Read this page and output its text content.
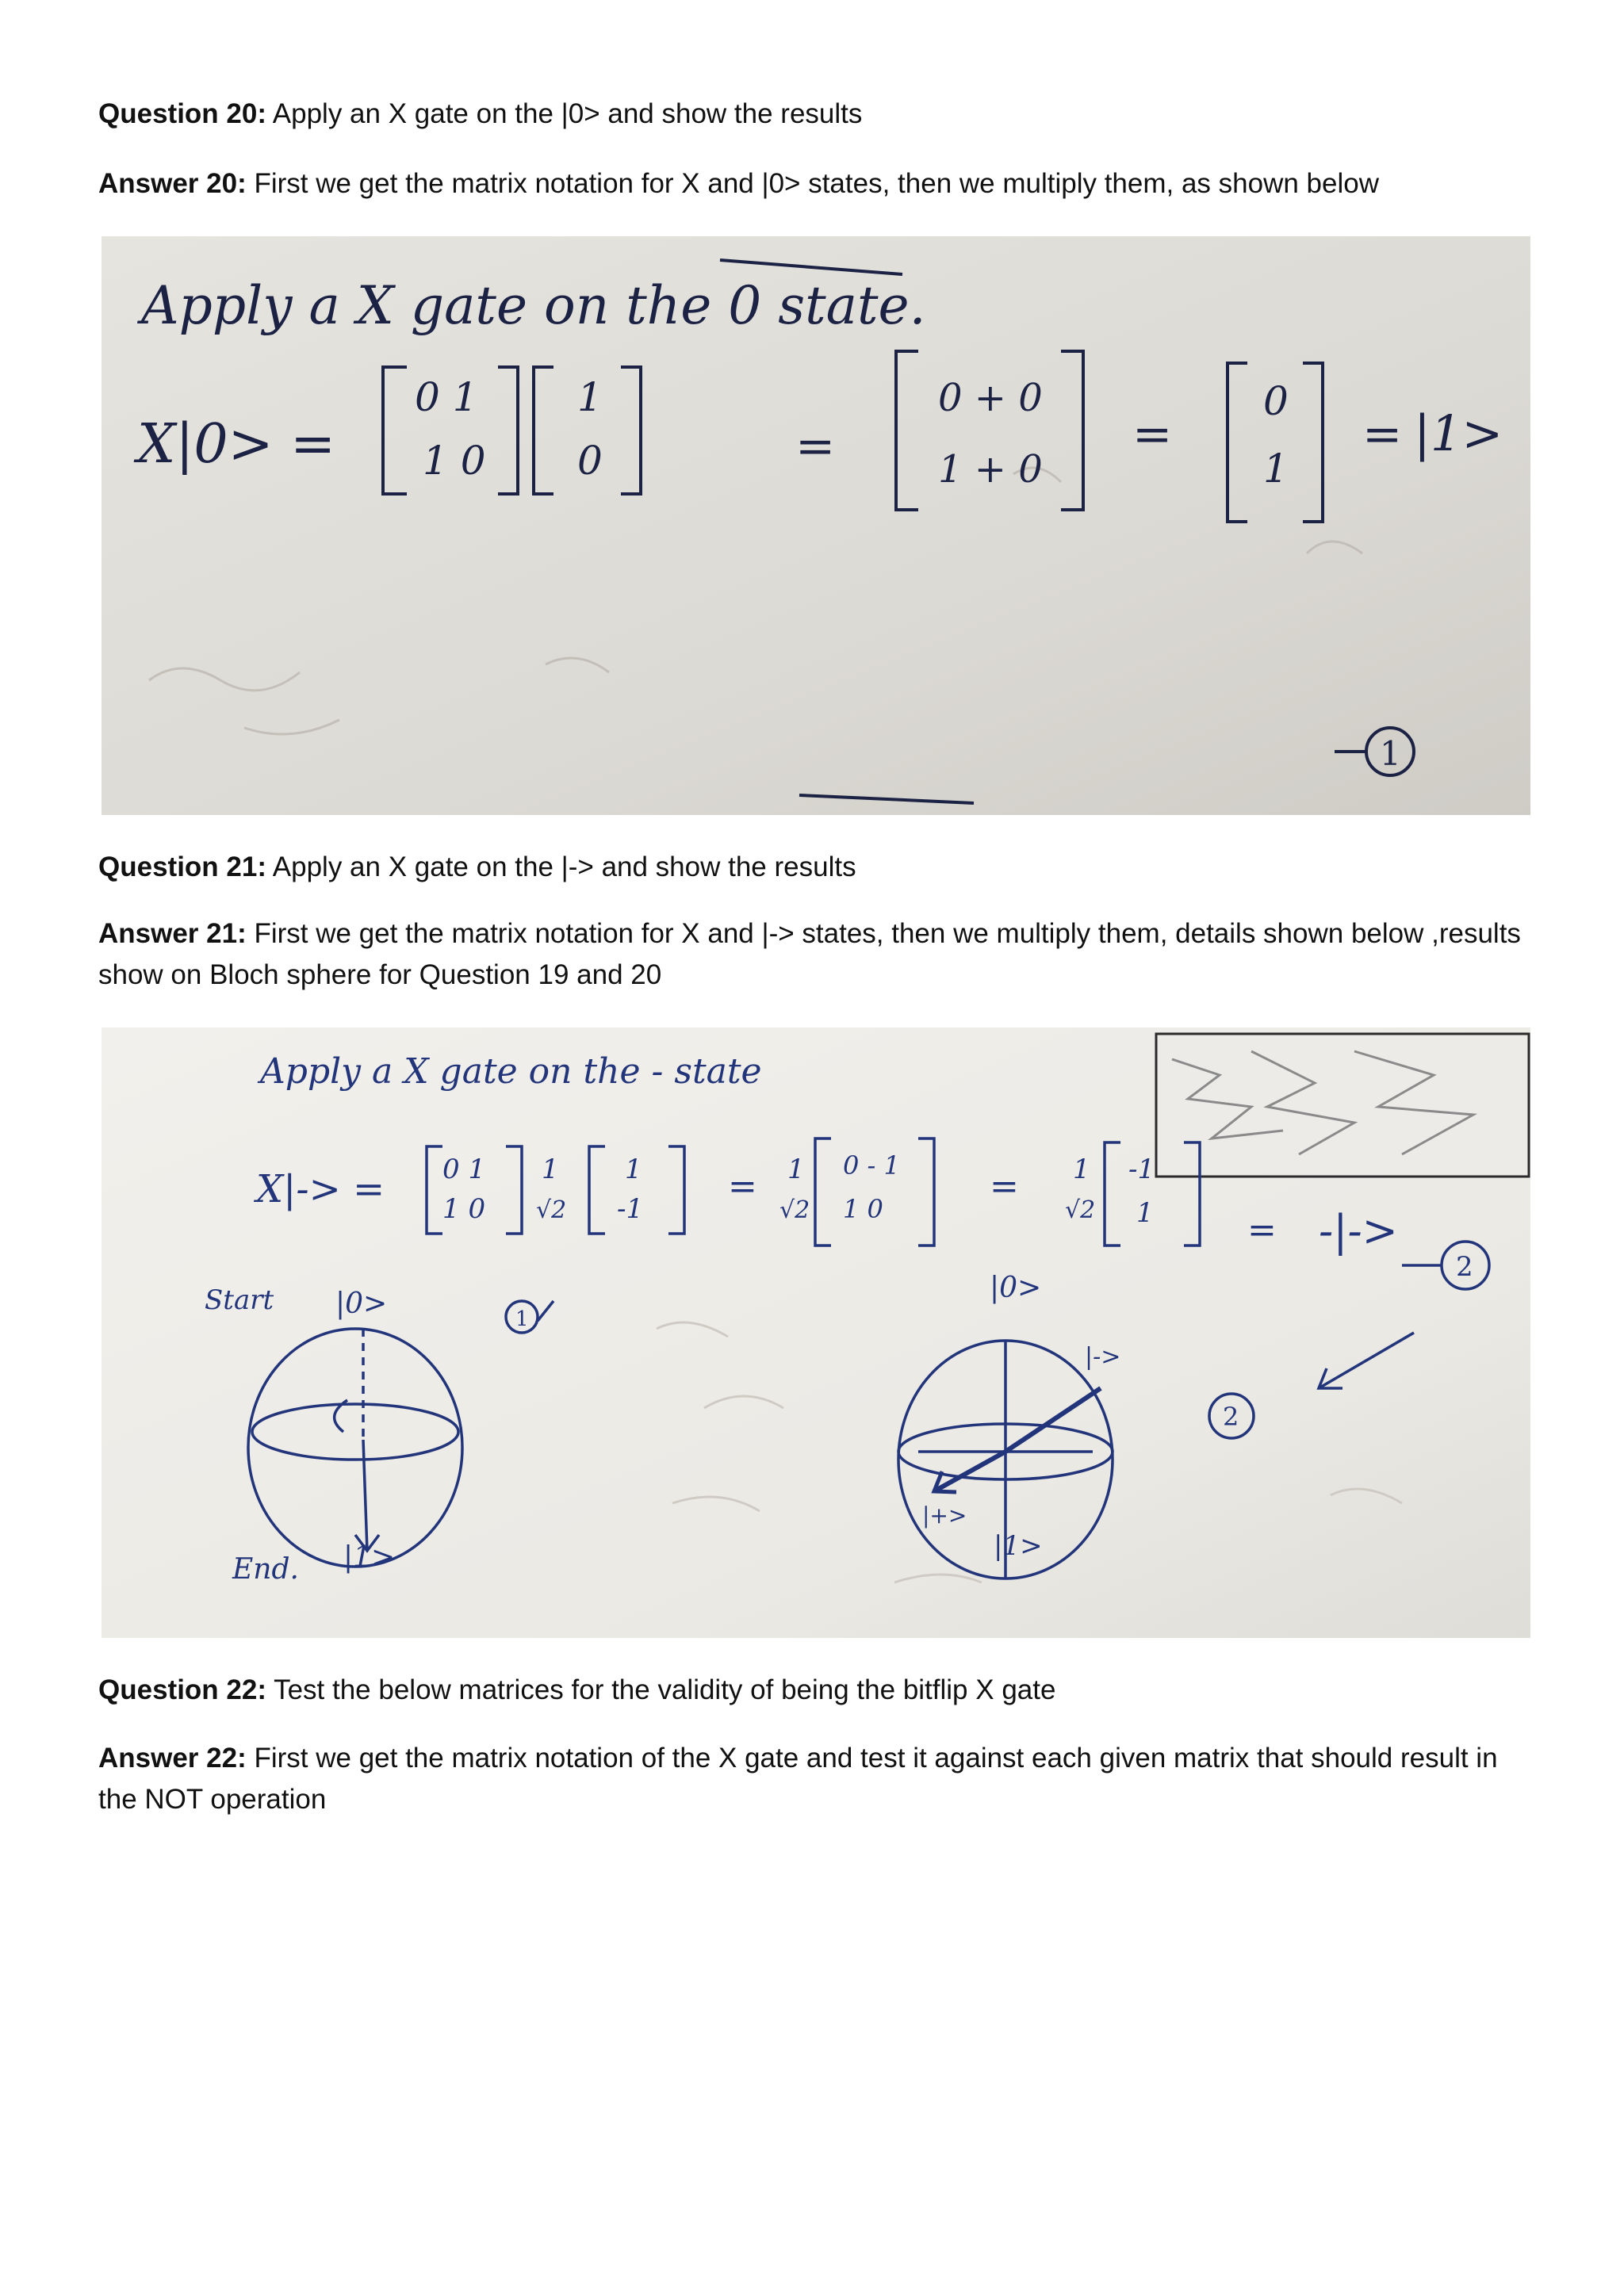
Question 20: Apply an X gate on the |0> and show the results
Answer 20: First we get the matrix notation for X and |0> states, then we multiply them, as shown below
Apply a X gate on the 0 state.
X|0> =
0 1
1 0
1
0	=
0 + 0
1 + 0
=
0
1
= |1>
1
Question 21: Apply an X gate on the |-> and show the results
Answer 21: First we get the matrix notation for X and |-> states, then we multiply them, details shown below ,results show on Bloch sphere for Question 19 and 20
Apply a X gate on the - state
X|-> = 0 1
1 0
1
√2
1
-1
= 1
√2
0 - 1
1 0
= 1
√2
-1
1	= -|->
2
Start |0>
|1>
End.
1
|0>
|->
|+>
|1>
2
Question 22: Test the below matrices for the validity of being the bitflip X gate
Answer 22: First we get the matrix notation of the X gate and test it against each given matrix that should result in the NOT operation
